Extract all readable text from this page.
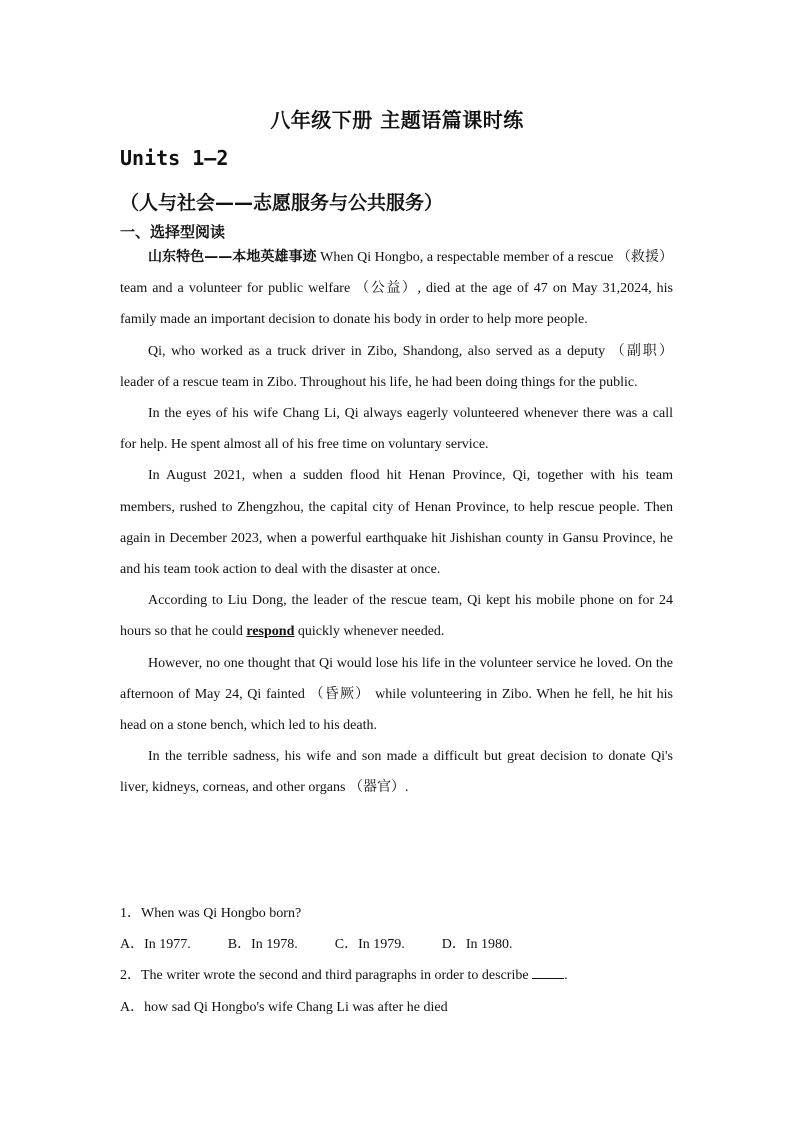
八年级下册 主题语篇课时练
Units 1—2
（人与社会——志愿服务与公共服务）
一、选择型阅读

山东特色——本地英雄事迹 When Qi Hongbo, a respectable member of a rescue （救援） team and a volunteer for public welfare （公益）, died at the age of 47 on May 31,2024, his family made an important decision to donate his body in order to help more people.

Qi, who worked as a truck driver in Zibo, Shandong, also served as a deputy （副职） leader of a rescue team in Zibo. Throughout his life, he had been doing things for the public.

In the eyes of his wife Chang Li, Qi always eagerly volunteered whenever there was a call for help. He spent almost all of his free time on voluntary service.

In August 2021, when a sudden flood hit Henan Province, Qi, together with his team members, rushed to Zhengzhou, the capital city of Henan Province, to help rescue people. Then again in December 2023, when a powerful earthquake hit Jishishan county in Gansu Province, he and his team took action to deal with the disaster at once.

According to Liu Dong, the leader of the rescue team, Qi kept his mobile phone on for 24 hours so that he could respond quickly whenever needed.

However, no one thought that Qi would lose his life in the volunteer service he loved. On the afternoon of May 24, Qi fainted （昏厥） while volunteering in Zibo. When he fell, he hit his head on a stone bench, which led to his death.

In the terrible sadness, his wife and son made a difficult but great decision to donate Qi's liver, kidneys, corneas, and other organs （器官）.

1．When was Qi Hongbo born?

A．In 1977.	B．In 1978.	C．In 1979.	D．In 1980.

2．The writer wrote the second and third paragraphs in order to describe .

A．how sad Qi Hongbo's wife Chang Li was after he died
